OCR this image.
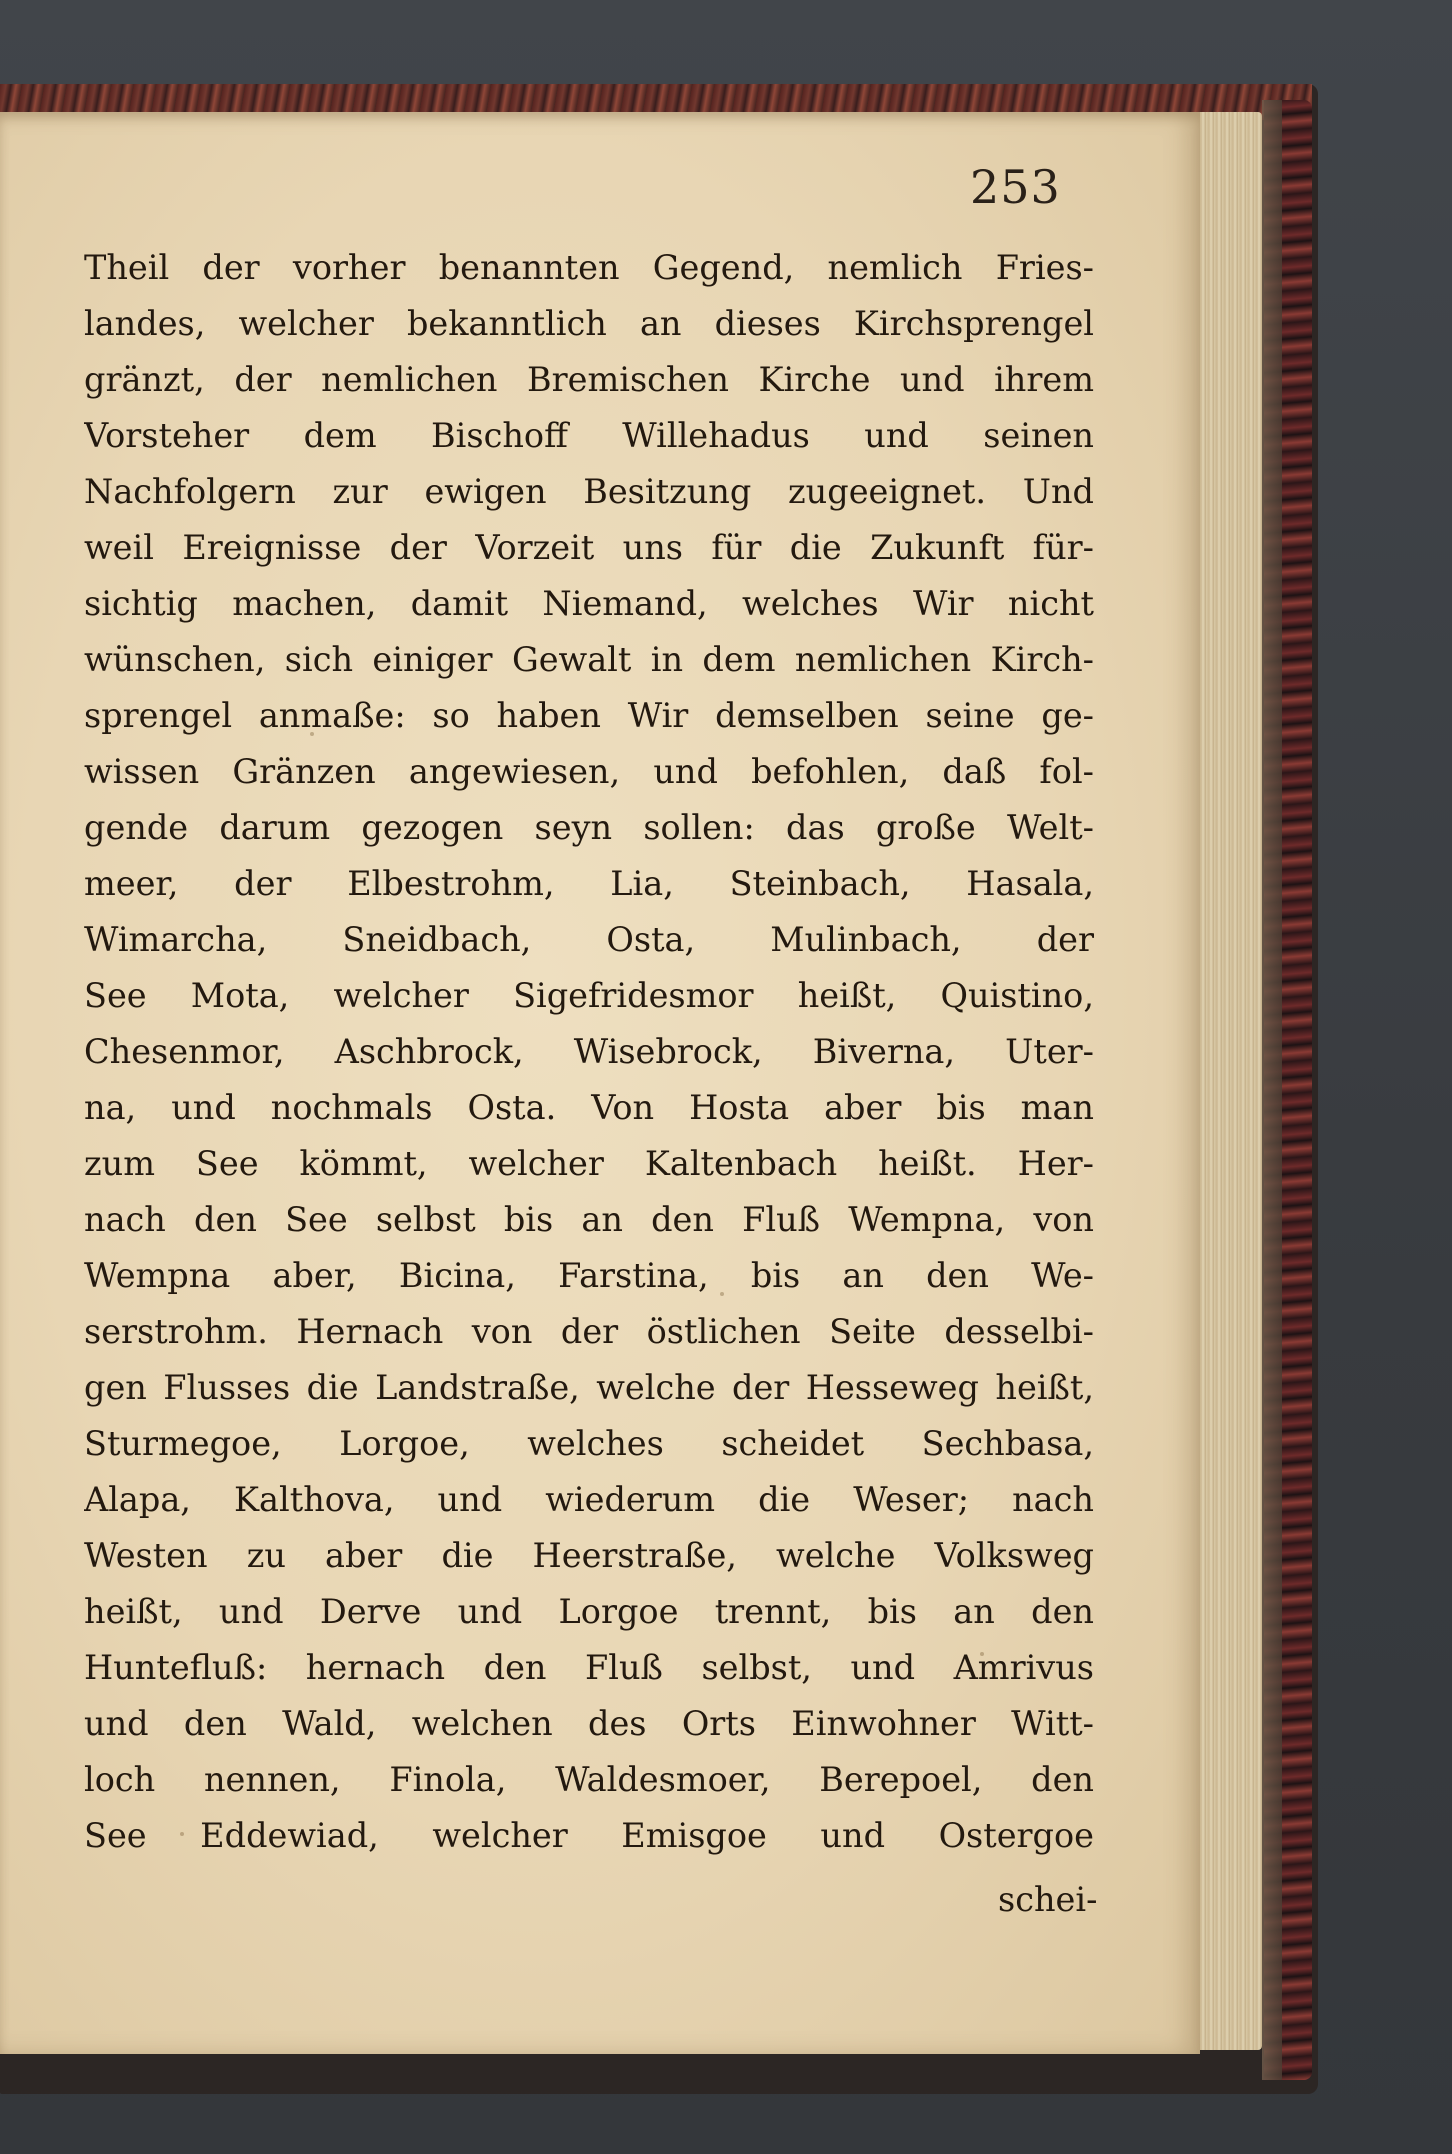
253
Theil der vorher benannten Gegend, nemlich Fries-
landes, welcher bekanntlich an dieses Kirchsprengel
gränzt, der nemlichen Bremischen Kirche und ihrem
Vorsteher dem Bischoff Willehadus und seinen
Nachfolgern zur ewigen Besitzung zugeeignet. Und
weil Ereignisse der Vorzeit uns für die Zukunft für-
sichtig machen, damit Niemand, welches Wir nicht
wünschen, sich einiger Gewalt in dem nemlichen Kirch-
sprengel anmaße: so haben Wir demselben seine ge-
wissen Gränzen angewiesen, und befohlen, daß fol-
gende darum gezogen seyn sollen: das große Welt-
meer, der Elbestrohm, Lia, Steinbach, Hasala,
Wimarcha, Sneidbach, Osta, Mulinbach, der
See Mota, welcher Sigefridesmor heißt, Quistino,
Chesenmor, Aschbrock, Wisebrock, Biverna, Uter-
na, und nochmals Osta. Von Hosta aber bis man
zum See kömmt, welcher Kaltenbach heißt. Her-
nach den See selbst bis an den Fluß Wempna, von
Wempna aber, Bicina, Farstina, bis an den We-
serstrohm. Hernach von der östlichen Seite desselbi-
gen Flusses die Landstraße, welche der Hesseweg heißt,
Sturmegoe, Lorgoe, welches scheidet Sechbasa,
Alapa, Kalthova, und wiederum die Weser; nach
Westen zu aber die Heerstraße, welche Volksweg
heißt, und Derve und Lorgoe trennt, bis an den
Huntefluß: hernach den Fluß selbst, und Amrivus
und den Wald, welchen des Orts Einwohner Witt-
loch nennen, Finola, Waldesmoer, Berepoel, den
See Eddewiad, welcher Emisgoe und Ostergoe
schei-
